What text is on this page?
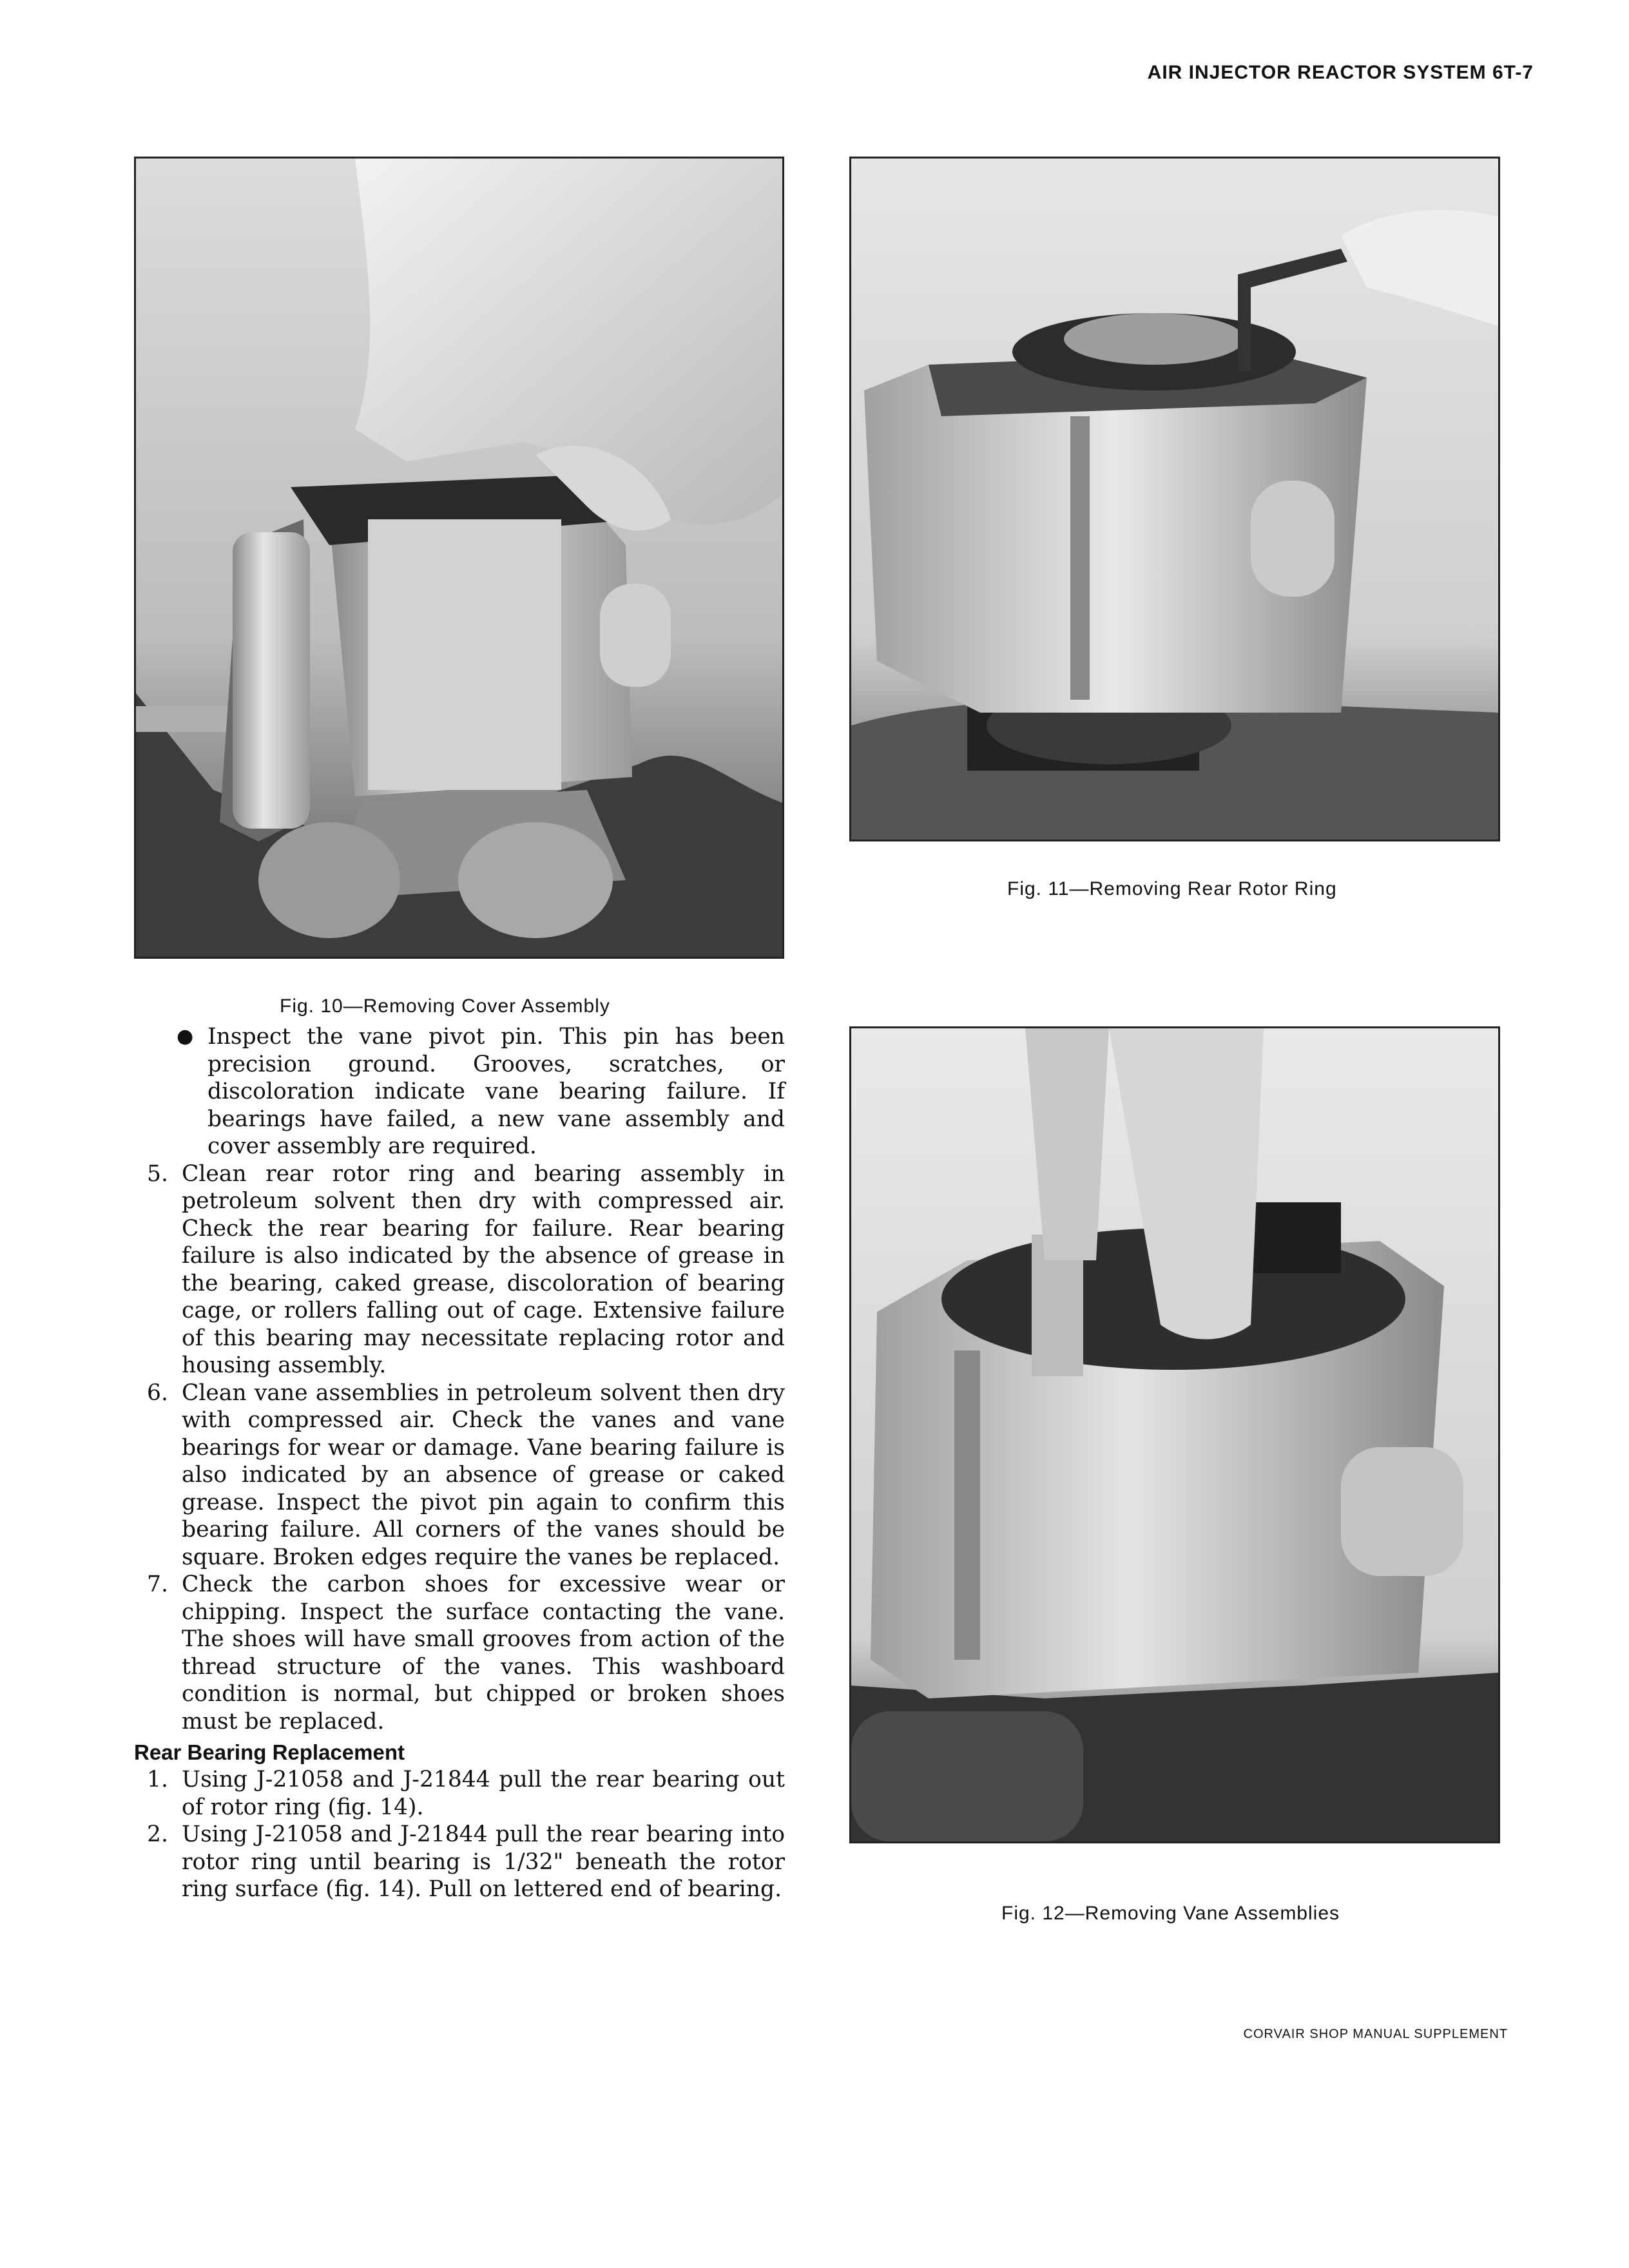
AIR INJECTOR REACTOR SYSTEM 6T-7
Fig. 10—Removing Cover Assembly
Fig. 11—Removing Rear Rotor Ring
Fig. 12—Removing Vane Assemblies

● Inspect the vane pivot pin. This pin has been precision ground. Grooves, scratches, or discoloration indicate vane bearing failure. If bearings have failed, a new vane assembly and cover assembly are required.

5. Clean rear rotor ring and bearing assembly in petroleum solvent then dry with compressed air. Check the rear bearing for failure. Rear bearing failure is also indicated by the absence of grease in the bearing, caked grease, discoloration of bearing cage, or rollers falling out of cage. Extensive failure of this bearing may necessitate replacing rotor and housing assembly.

6. Clean vane assemblies in petroleum solvent then dry with compressed air. Check the vanes and vane bearings for wear or damage. Vane bearing failure is also indicated by an absence of grease or caked grease. Inspect the pivot pin again to confirm this bearing failure. All corners of the vanes should be square. Broken edges require the vanes be replaced.

7. Check the carbon shoes for excessive wear or chipping. Inspect the surface contacting the vane. The shoes will have small grooves from action of the thread structure of the vanes. This washboard condition is normal, but chipped or broken shoes must be replaced.

Rear Bearing Replacement

1. Using J-21058 and J-21844 pull the rear bearing out of rotor ring (fig. 14).

2. Using J-21058 and J-21844 pull the rear bearing into rotor ring until bearing is 1/32" beneath the rotor ring surface (fig. 14). Pull on lettered end of bearing.

CORVAIR SHOP MANUAL SUPPLEMENT
